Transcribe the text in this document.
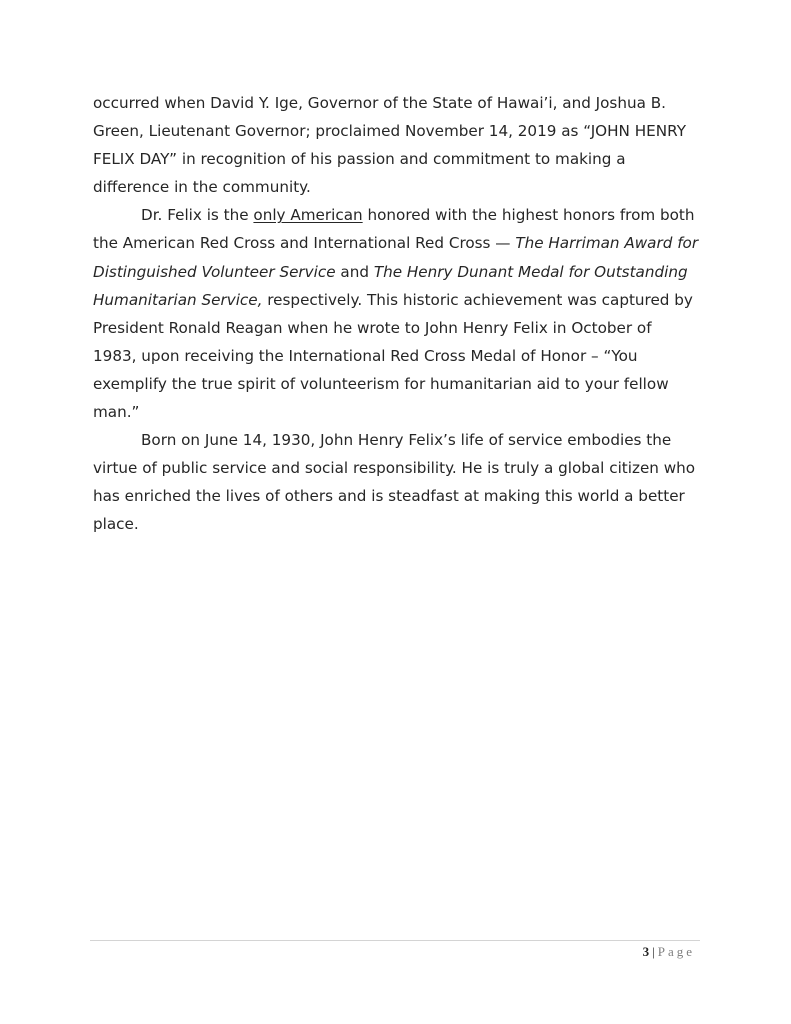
occurred when David Y. Ige, Governor of the State of Hawai’i, and Joshua B. Green, Lieutenant Governor; proclaimed November 14, 2019 as “JOHN HENRY FELIX DAY” in recognition of his passion and commitment to making a difference in the community.

Dr. Felix is the only American honored with the highest honors from both the American Red Cross and International Red Cross — The Harriman Award for Distinguished Volunteer Service and The Henry Dunant Medal for Outstanding Humanitarian Service, respectively. This historic achievement was captured by President Ronald Reagan when he wrote to John Henry Felix in October of 1983, upon receiving the International Red Cross Medal of Honor – “You exemplify the true spirit of volunteerism for humanitarian aid to your fellow man.”

Born on June 14, 1930, John Henry Felix’s life of service embodies the virtue of public service and social responsibility. He is truly a global citizen who has enriched the lives of others and is steadfast at making this world a better place.

3 | Page
